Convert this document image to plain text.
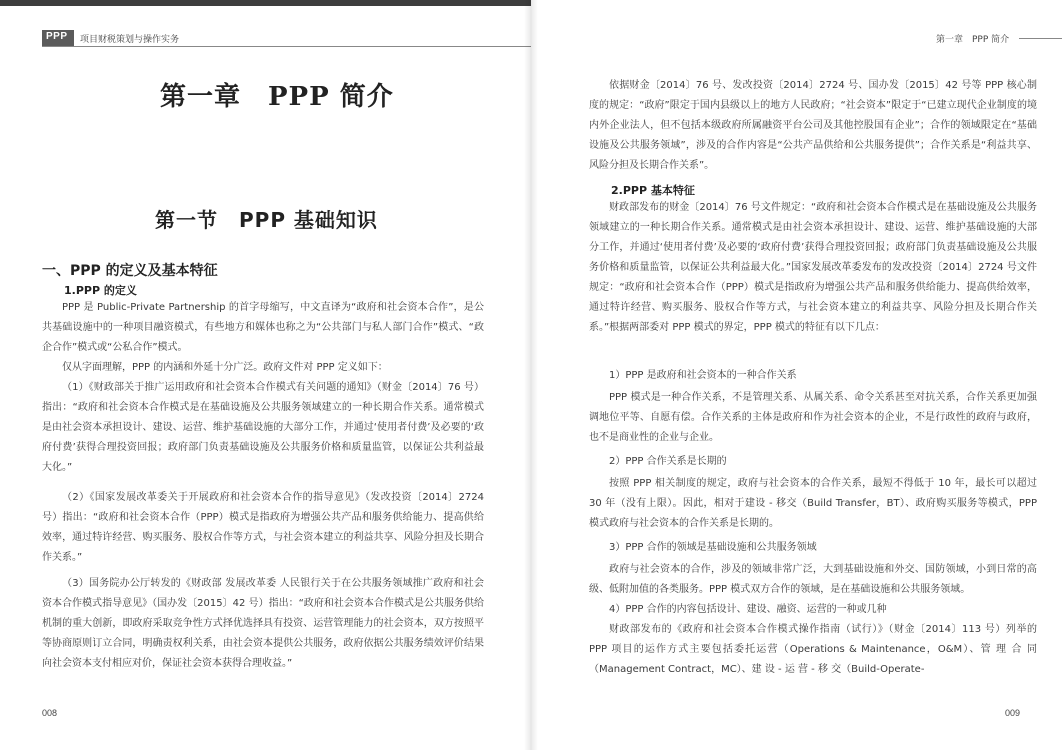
PPP 项目财税策划与操作实务
第一章　PPP 简介
第一节　PPP 基础知识
一、PPP 的定义及基本特征
1.PPP 的定义

PPP 是 Public-Private Partnership 的首字母缩写，中文直译为“政府和社会资本合作”，是公共基础设施中的一种项目融资模式，有些地方和媒体也称之为“公共部门与私人部门合作”模式、“政企合作”模式或“公私合作”模式。

仅从字面理解，PPP 的内涵和外延十分广泛。政府文件对 PPP 定义如下：

（1）《财政部关于推广运用政府和社会资本合作模式有关问题的通知》（财金〔2014〕76 号）指出：“政府和社会资本合作模式是在基础设施及公共服务领域建立的一种长期合作关系。通常模式是由社会资本承担设计、建设、运营、维护基础设施的大部分工作，并通过‘使用者付费’及必要的‘政府付费’获得合理投资回报；政府部门负责基础设施及公共服务价格和质量监管，以保证公共利益最大化。”

（2）《国家发展改革委关于开展政府和社会资本合作的指导意见》（发改投资〔2014〕2724 号）指出：“政府和社会资本合作（PPP）模式是指政府为增强公共产品和服务供给能力、提高供给效率，通过特许经营、购买服务、股权合作等方式，与社会资本建立的利益共享、风险分担及长期合作关系。”

（3）国务院办公厅转发的《财政部 发展改革委 人民银行关于在公共服务领域推广政府和社会资本合作模式指导意见》（国办发〔2015〕42 号）指出：“政府和社会资本合作模式是公共服务供给机制的重大创新，即政府采取竞争性方式择优选择具有投资、运营管理能力的社会资本，双方按照平等协商原则订立合同，明确责权利关系，由社会资本提供公共服务，政府依据公共服务绩效评价结果向社会资本支付相应对价，保证社会资本获得合理收益。”

008
第一章　PPP 简介

依据财金〔2014〕76 号、发改投资〔2014〕2724 号、国办发〔2015〕42 号等 PPP 核心制度的规定：“政府”限定于国内县级以上的地方人民政府；“社会资本”限定于“已建立现代企业制度的境内外企业法人，但不包括本级政府所属融资平台公司及其他控股国有企业”；合作的领域限定在“基础设施及公共服务领域”，涉及的合作内容是“公共产品供给和公共服务提供”；合作关系是“利益共享、风险分担及长期合作关系”。

2.PPP 基本特征

财政部发布的财金〔2014〕76 号文件规定：“政府和社会资本合作模式是在基础设施及公共服务领域建立的一种长期合作关系。通常模式是由社会资本承担设计、建设、运营、维护基础设施的大部分工作，并通过‘使用者付费’及必要的‘政府付费’获得合理投资回报；政府部门负责基础设施及公共服务价格和质量监管，以保证公共利益最大化。”国家发展改革委发布的发改投资〔2014〕2724 号文件规定：“政府和社会资本合作（PPP）模式是指政府为增强公共产品和服务供给能力、提高供给效率，通过特许经营、购买服务、股权合作等方式，与社会资本建立的利益共享、风险分担及长期合作关系。”根据两部委对 PPP 模式的界定，PPP 模式的特征有以下几点：

1）PPP 是政府和社会资本的一种合作关系

PPP 模式是一种合作关系，不是管理关系、从属关系、命令关系甚至对抗关系，合作关系更加强调地位平等、自愿有偿。合作关系的主体是政府和作为社会资本的企业，不是行政性的政府与政府，也不是商业性的企业与企业。

2）PPP 合作关系是长期的

按照 PPP 相关制度的规定，政府与社会资本的合作关系，最短不得低于 10 年，最长可以超过 30 年（没有上限）。因此，相对于建设 - 移交（Build Transfer，BT）、政府购买服务等模式，PPP 模式政府与社会资本的合作关系是长期的。

3）PPP 合作的领域是基础设施和公共服务领域

政府与社会资本的合作，涉及的领域非常广泛，大到基础设施和外交、国防领域，小到日常的高级、低附加值的各类服务。PPP 模式双方合作的领域，是在基础设施和公共服务领域。

4）PPP 合作的内容包括设计、建设、融资、运营的一种或几种

财政部发布的《政府和社会资本合作模式操作指南（试行）》（财金〔2014〕113 号）列举的 PPP 项目的运作方式主要包括委托运营（Operations & Maintenance，O&M）、管 理 合 同（Management Contract，MC）、建 设 - 运 营 - 移 交（Build-Operate-

009
